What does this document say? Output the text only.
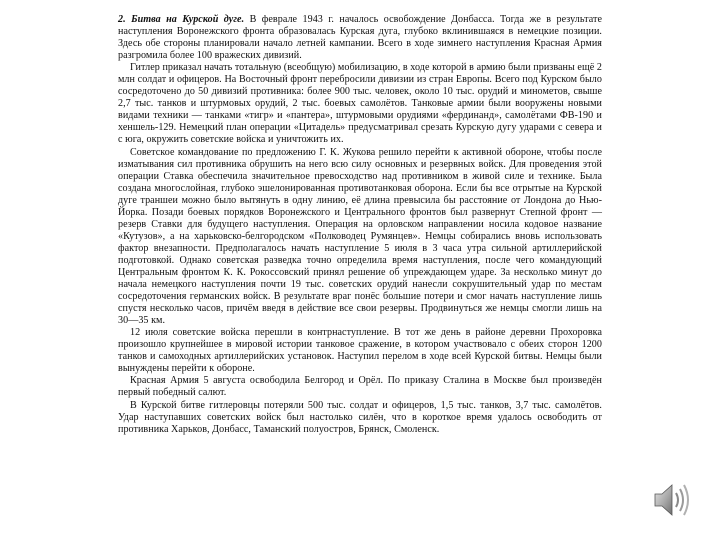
2. Битва на Курской дуге. В феврале 1943 г. началось освобождение Донбасса. Тогда же в результате наступления Воронежского фронта образовалась Курская дуга, глубоко вклинившаяся в немецкие позиции. Здесь обе стороны планировали начало летней кампании. Всего в ходе зимнего наступления Красная Армия разгромила более 100 вражеских дивизий.

Гитлер приказал начать тотальную (всеобщую) мобилизацию, в ходе которой в армию были призваны ещё 2 млн солдат и офицеров. На Восточный фронт перебросили дивизии из стран Европы. Всего под Курском было сосредоточено до 50 дивизий противника: более 900 тыс. человек, около 10 тыс. орудий и минометов, свыше 2,7 тыс. танков и штурмовых орудий, 2 тыс. боевых самолётов. Танковые армии были вооружены новыми видами техники — танками «тигр» и «пантера», штурмовыми орудиями «фердинанд», самолётами ФВ-190 и хеншель-129. Немецкий план операции «Цитадель» предусматривал срезать Курскую дугу ударами с севера и с юга, окружить советские войска и уничтожить их.

Советское командование по предложению Г. К. Жукова решило перейти к активной обороне, чтобы после изматывания сил противника обрушить на него всю силу основных и резервных войск. Для проведения этой операции Ставка обеспечила значительное превосходство над противником в живой силе и технике. Была создана многослойная, глубоко эшелонированная противотанковая оборона. Если бы все отрытые на Курской дуге траншеи можно было вытянуть в одну линию, её длина превысила бы расстояние от Лондона до Нью-Йорка. Позади боевых порядков Воронежского и Центрального фронтов был развернут Степной фронт — резерв Ставки для будущего наступления. Операция на орловском направлении носила кодовое название «Кутузов», а на харьковско-белгородском «Полководец Румянцев». Немцы собирались вновь использовать фактор внезапности. Предполагалось начать наступление 5 июля в 3 часа утра сильной артиллерийской подготовкой. Однако советская разведка точно определила время наступления, после чего командующий Центральным фронтом К. К. Рокоссовский принял решение об упреждающем ударе. За несколько минут до начала немецкого наступления почти 19 тыс. советских орудий нанесли сокрушительный удар по местам сосредоточения германских войск. В результате враг понёс большие потери и смог начать наступление лишь спустя несколько часов, причём введя в действие все свои резервы. Продвинуться же немцы смогли лишь на 30—35 км.

12 июля советские войска перешли в контрнаступление. В тот же день в районе деревни Прохоровка произошло крупнейшее в мировой истории танковое сражение, в котором участвовало с обеих сторон 1200 танков и самоходных артиллерийских установок. Наступил перелом в ходе всей Курской битвы. Немцы были вынуждены перейти к обороне.

Красная Армия 5 августа освободила Белгород и Орёл. По приказу Сталина в Москве был произведён первый победный салют.

В Курской битве гитлеровцы потеряли 500 тыс. солдат и офицеров, 1,5 тыс. танков, 3,7 тыс. самолётов. Удар наступавших советских войск был настолько силён, что в короткое время удалось освободить от противника Харьков, Донбасс, Таманский полуостров, Брянск, Смоленск.
